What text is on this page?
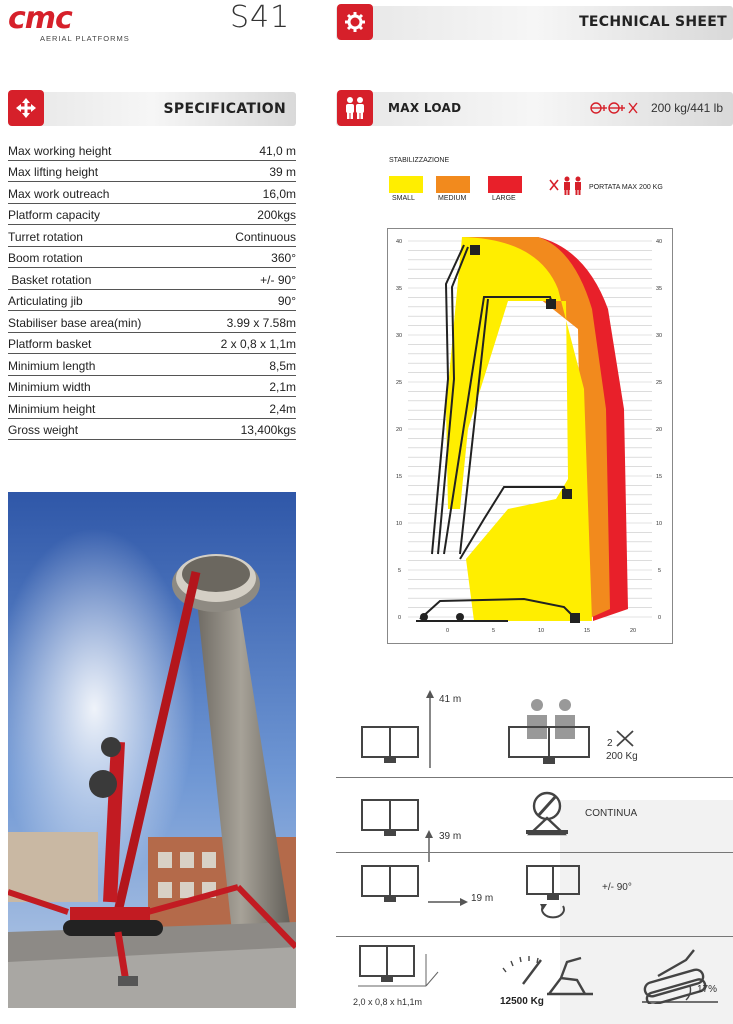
cmc
AERIAL PLATFORMS
S41	TECHNICAL SHEET
SPECIFICATION
Max working height	41,0 m
Max lifting height	39 m
Max work outreach	16,0m
Platform capacity	200kgs
Turret rotation	Continuous
Boom rotation	360°
Basket rotation	+/- 90°
Articulating jib	90°
Stabiliser base area(min)	3.99 x 7.58m
Platform basket	2 x 0,8 x 1,1m
Minimium length	8,5m
Minimium width	2,1m
Minimium height	2,4m
Gross weight	13,400kgs
MAX LOAD	200 kg/441 lb
STABILIZZAZIONE
SMALL	MEDIUM	LARGE
PORTATA MAX 200 KG
40
35
30
25
20
15
10
5
0
40
35
30
25
20
15
10
5
0
0	5	10	15	20
41 m
2
200 Kg
39 m
CONTINUA
19 m
+/- 90°
2,0 x 0,8 x h1,1m	12500 Kg
17%
